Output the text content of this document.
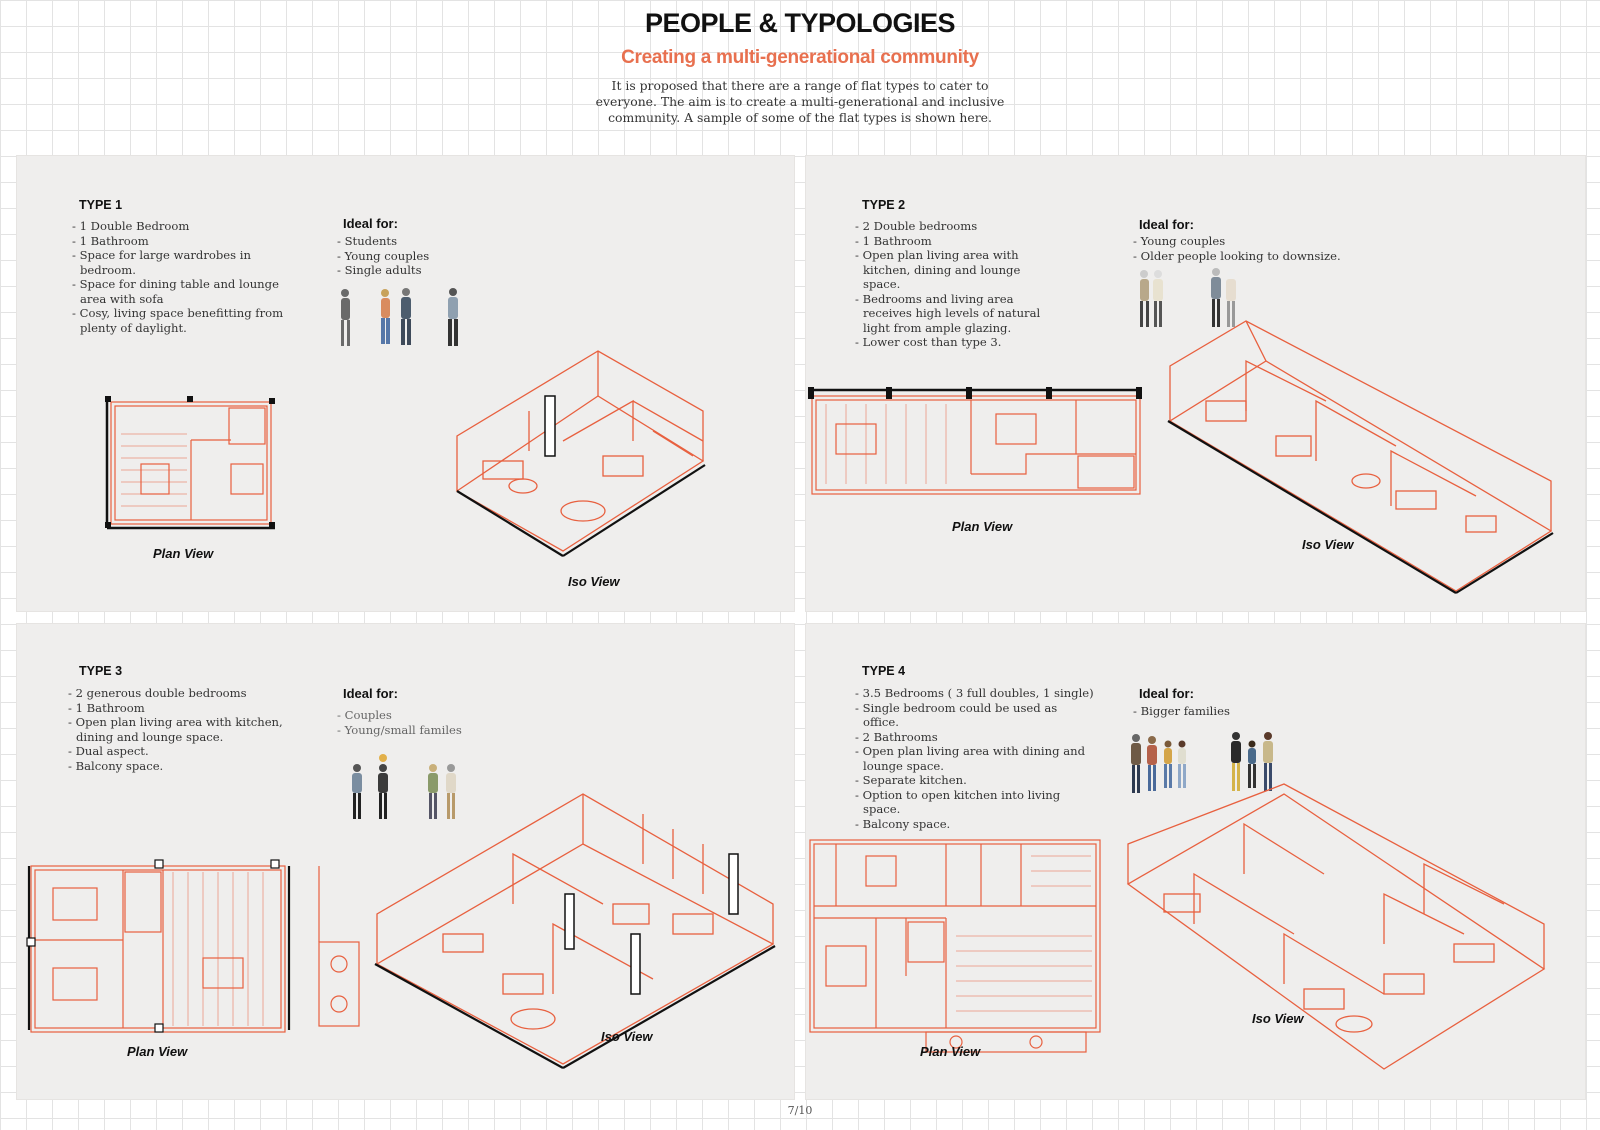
PEOPLE & TYPOLOGIES
Creating a multi-generational community
It is proposed that there are a range of flat types to cater to everyone. The aim is to create a multi-generational and inclusive community. A sample of some of the flat types is shown here.
TYPE 1
- 1 Double Bedroom
- 1 Bathroom
- Space for large wardrobes in bedroom.
- Space for dining table and lounge area with sofa
- Cosy, living space benefitting from plenty of daylight.
Ideal for:
- Students
- Young couples
- Single adults
Plan View
Iso View
TYPE 2
- 2 Double bedrooms
- 1 Bathroom
- Open plan living area with kitchen, dining and lounge space.
- Bedrooms and living area receives high levels of natural light from ample glazing.
- Lower cost than type 3.
Ideal for:
- Young couples
- Older people looking to downsize.
Plan View
Iso View
TYPE 3
- 2 generous double bedrooms
- 1 Bathroom
- Open plan living area with kitchen, dining and lounge space.
- Dual aspect.
- Balcony space.
Ideal for:
- Couples
- Young/small familes
Plan View
Iso View
TYPE 4
- 3.5 Bedrooms ( 3 full doubles, 1 single)
- Single bedroom could be used as office.
- 2 Bathrooms
- Open plan living area with dining and lounge space.
- Separate kitchen.
- Option to open kitchen into living space.
- Balcony space.
Ideal for:
- Bigger families
Plan View
Iso View
7/10
